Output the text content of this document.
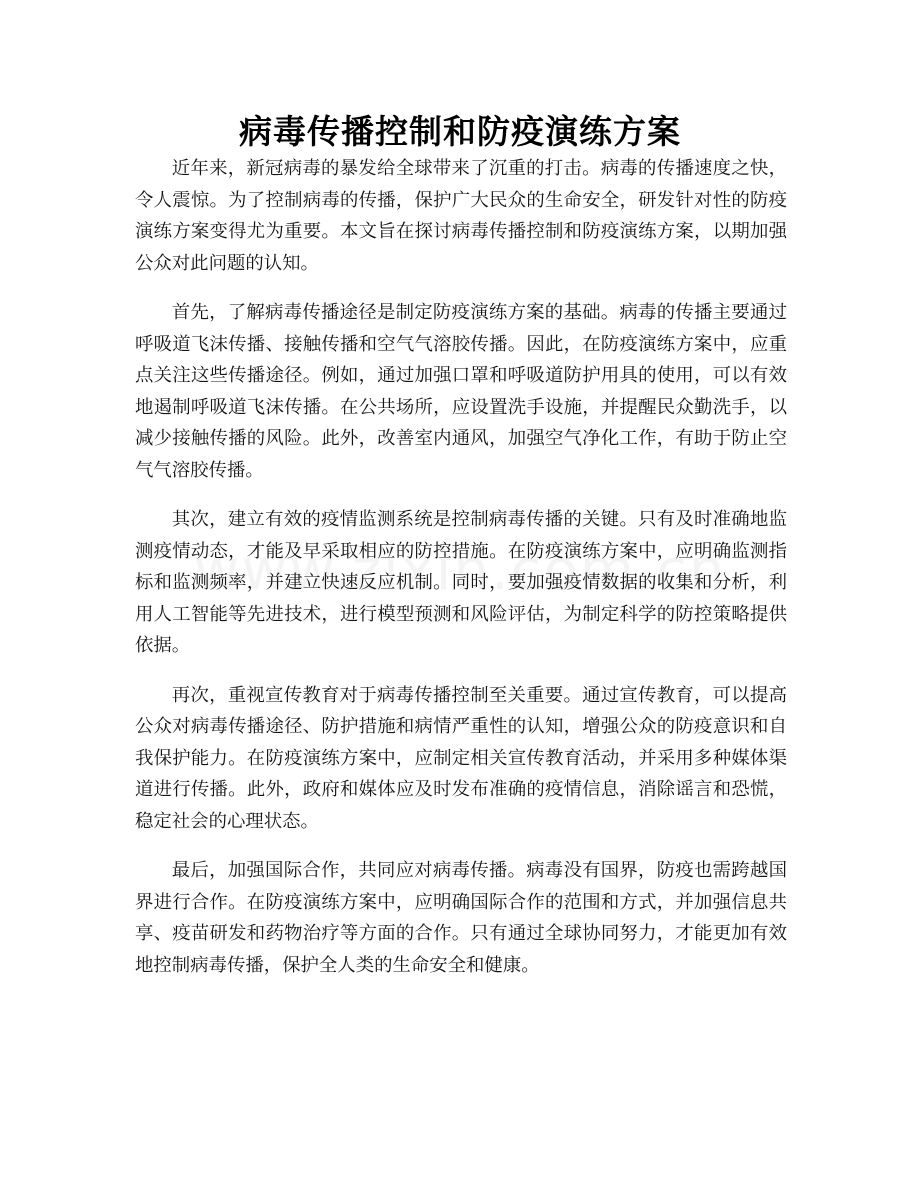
病毒传播控制和防疫演练方案

近年来，新冠病毒的暴发给全球带来了沉重的打击。病毒的传播速度之快，令人震惊。为了控制病毒的传播，保护广大民众的生命安全，研发针对性的防疫演练方案变得尤为重要。本文旨在探讨病毒传播控制和防疫演练方案，以期加强公众对此问题的认知。

首先，了解病毒传播途径是制定防疫演练方案的基础。病毒的传播主要通过呼吸道飞沫传播、接触传播和空气气溶胶传播。因此，在防疫演练方案中，应重点关注这些传播途径。例如，通过加强口罩和呼吸道防护用具的使用，可以有效地遏制呼吸道飞沫传播。在公共场所，应设置洗手设施，并提醒民众勤洗手，以减少接触传播的风险。此外，改善室内通风，加强空气净化工作，有助于防止空气气溶胶传播。

其次，建立有效的疫情监测系统是控制病毒传播的关键。只有及时准确地监测疫情动态，才能及早采取相应的防控措施。在防疫演练方案中，应明确监测指标和监测频率，并建立快速反应机制。同时，要加强疫情数据的收集和分析，利用人工智能等先进技术，进行模型预测和风险评估，为制定科学的防控策略提供依据。

再次，重视宣传教育对于病毒传播控制至关重要。通过宣传教育，可以提高公众对病毒传播途径、防护措施和病情严重性的认知，增强公众的防疫意识和自我保护能力。在防疫演练方案中，应制定相关宣传教育活动，并采用多种媒体渠道进行传播。此外，政府和媒体应及时发布准确的疫情信息，消除谣言和恐慌，稳定社会的心理状态。

最后，加强国际合作，共同应对病毒传播。病毒没有国界，防疫也需跨越国界进行合作。在防疫演练方案中，应明确国际合作的范围和方式，并加强信息共享、疫苗研发和药物治疗等方面的合作。只有通过全球协同努力，才能更加有效地控制病毒传播，保护全人类的生命安全和健康。
